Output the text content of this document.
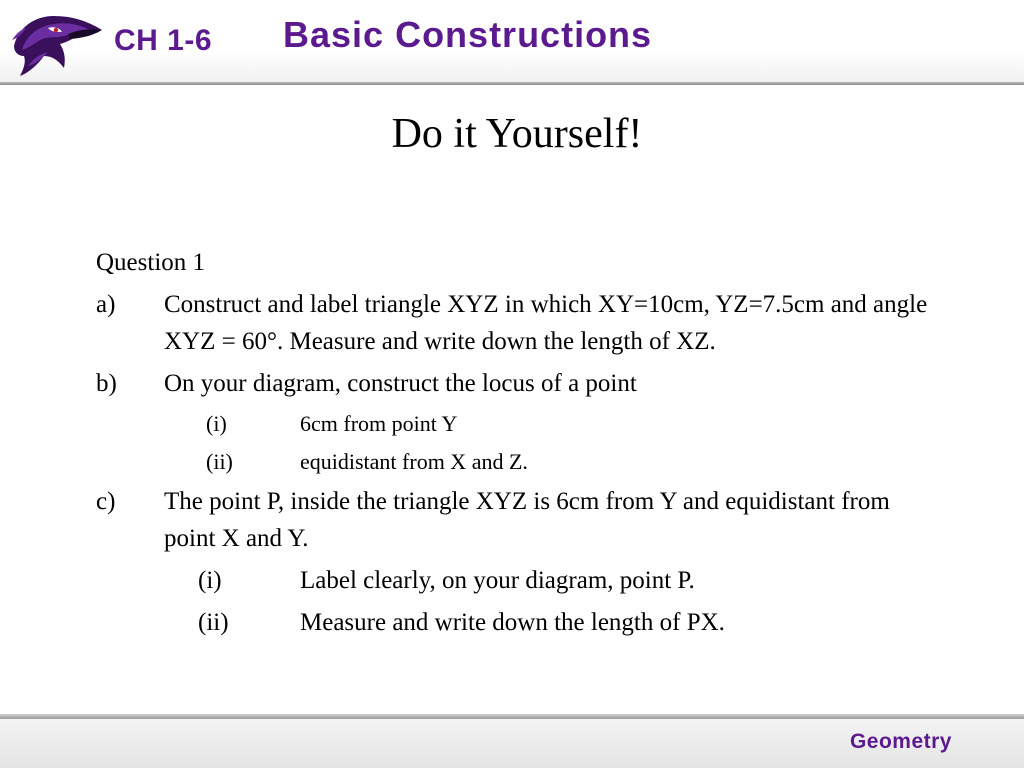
CH 1-6 Basic Constructions
Do it Yourself!
Question 1
a)	Construct and label triangle XYZ in which XY=10cm, YZ=7.5cm and angle XYZ = 60°. Measure and write down the length of XZ.
b)	On your diagram, construct the locus of a point
(i)	6cm from point Y
(ii)	equidistant from X and Z.
c)	The point P, inside the triangle XYZ is 6cm from Y and equidistant from point X and Y.
(i)	Label clearly, on your diagram, point P.
(ii)	Measure and write down the length of PX.
Geometry
